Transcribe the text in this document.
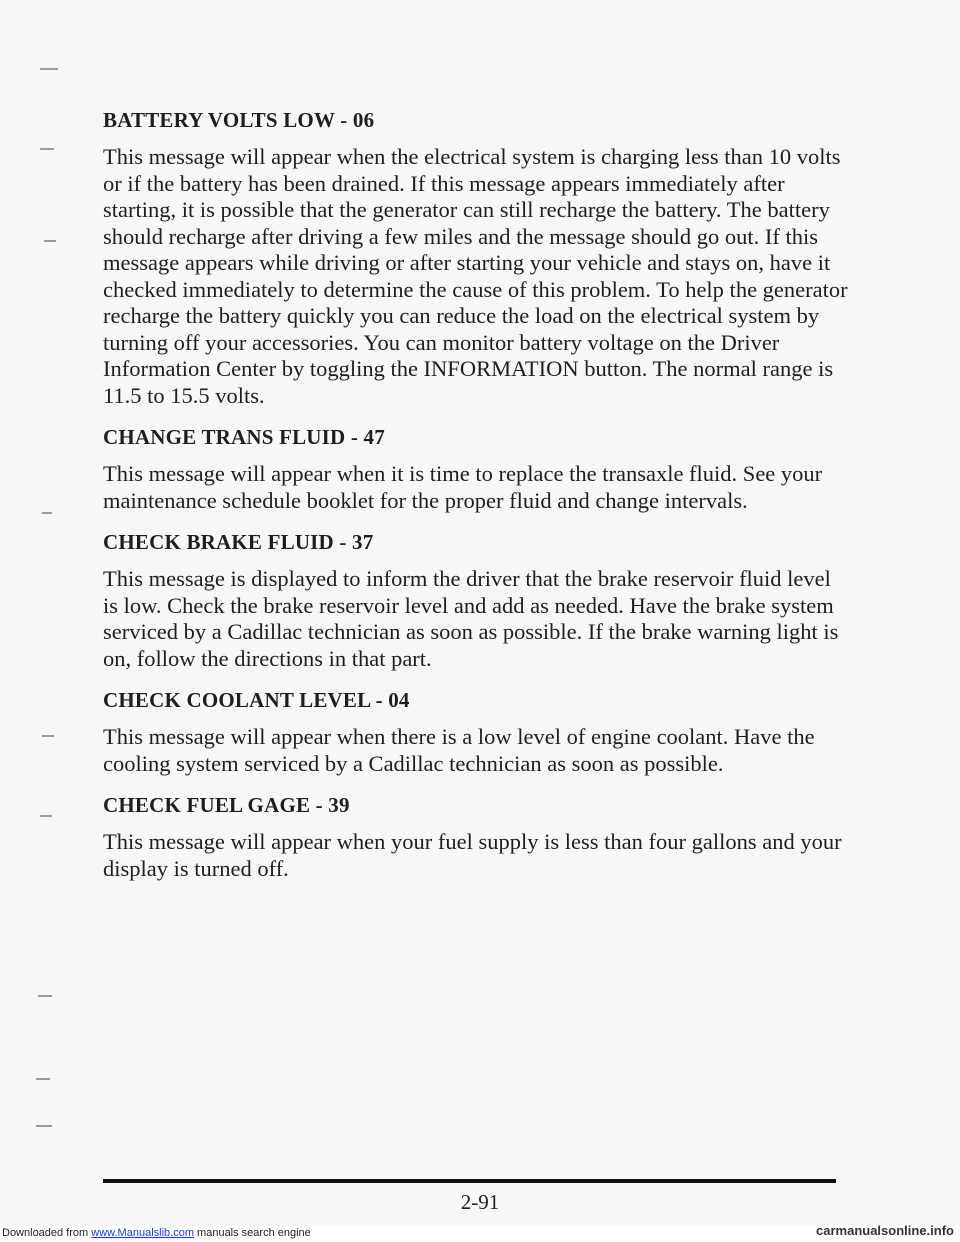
BATTERY VOLTS LOW - 06

This message will appear when the electrical system is charging less than 10 volts or if the battery has been drained. If this message appears immediately after starting, it is possible that the generator can still recharge the battery. The battery should recharge after driving a few miles and the message should go out. If this message appears while driving or after starting your vehicle and stays on, have it checked immediately to determine the cause of this problem. To help the generator recharge the battery quickly you can reduce the load on the electrical system by turning off your accessories. You can monitor battery voltage on the Driver Information Center by toggling the INFORMATION button. The normal range is 11.5 to 15.5 volts.

CHANGE TRANS FLUID - 47

This message will appear when it is time to replace the transaxle fluid. See your maintenance schedule booklet for the proper fluid and change intervals.

CHECK BRAKE FLUID - 37

This message is displayed to inform the driver that the brake reservoir fluid level is low. Check the brake reservoir level and add as needed. Have the brake system serviced by a Cadillac technician as soon as possible. If the brake warning light is on, follow the directions in that part.

CHECK COOLANT LEVEL - 04

This message will appear when there is a low level of engine coolant. Have the cooling system serviced by a Cadillac technician as soon as possible.

CHECK FUEL GAGE - 39

This message will appear when your fuel supply is less than four gallons and your display is turned off.

2-91
Downloaded from www.Manualslib.com manuals search engine	carmanualsonline.info
